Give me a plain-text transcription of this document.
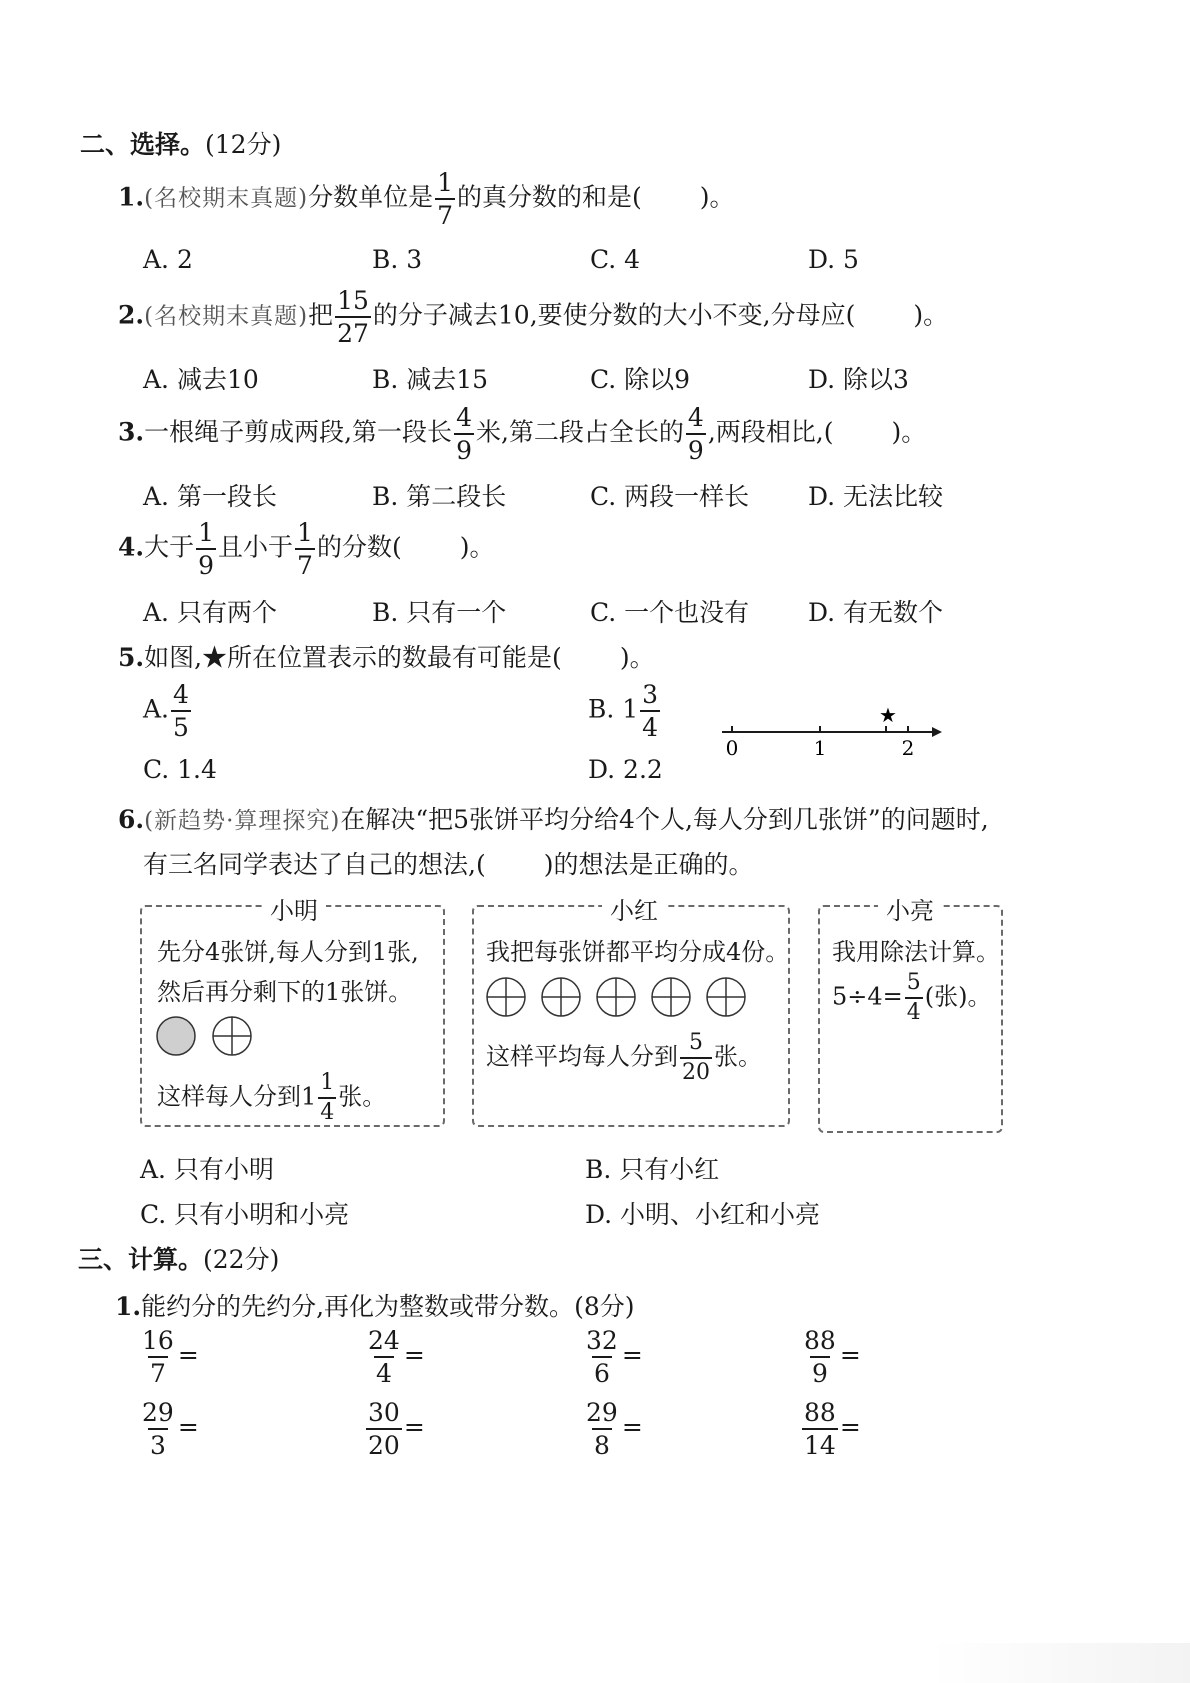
二、选择。(12分)
1.(名校期末真题)分数单位是 $\frac{1}{7}$ 的真分数的和是( )。
A. 2	B. 3	C. 4	D. 5
2.(名校期末真题)把 $\frac{15}{27}$ 的分子减去10,要使分数的大小不变,分母应( )。
A. 减去10	B. 减去15	C. 除以9	D. 除以3
3.一根绳子剪成两段,第一段长 $\frac{4}{9}$ 米,第二段占全长的 $\frac{4}{9}$ ,两段相比,( )。
A. 第一段长	B. 第二段长	C. 两段一样长 D. 无法比较
4.大于 $\frac{1}{9}$ 且小于 $\frac{1}{7}$ 的分数( )。
A. 只有两个	B. 只有一个	C. 一个也没有 D. 有无数个
5.如图,★所在位置表示的数最有可能是( )。
A. $\frac{4}{5}$	B. $1 \frac{3}{4}$
C. 1.4	D. 2.2
0	1	2
★
6.(新趋势·算理探究)在解决“把5张饼平均分给4个人,每人分到几张饼”的问题时,
有三名同学表达了自己的想法,( )的想法是正确的。
小明
先分4张饼,每人分到1张,
然后再分剩下的1张饼。
这样每人分到$1 \frac{1}{4}$ 张。
小红
我把每张饼都平均分成4份。
这样平均每人分到 $\frac{5}{20}$ 张。
小亮
我用除法计算。
$5\div 4= \frac{5}{4}$ (张)。
A. 只有小明	B. 只有小红
C. 只有小明和小亮	D. 小明、小红和小亮
三、计算。(22分)
1.能约分的先约分,再化为整数或带分数。(8分)
$\frac{16}{7}$ =	$\frac{24}{4}$ =	$\frac{32}{6}$ =	$\frac{88}{9}$ =
$\frac{29}{3}$ =	$\frac{30}{20}$ =	$\frac{29}{8}$ =	$\frac{88}{14}$ =
